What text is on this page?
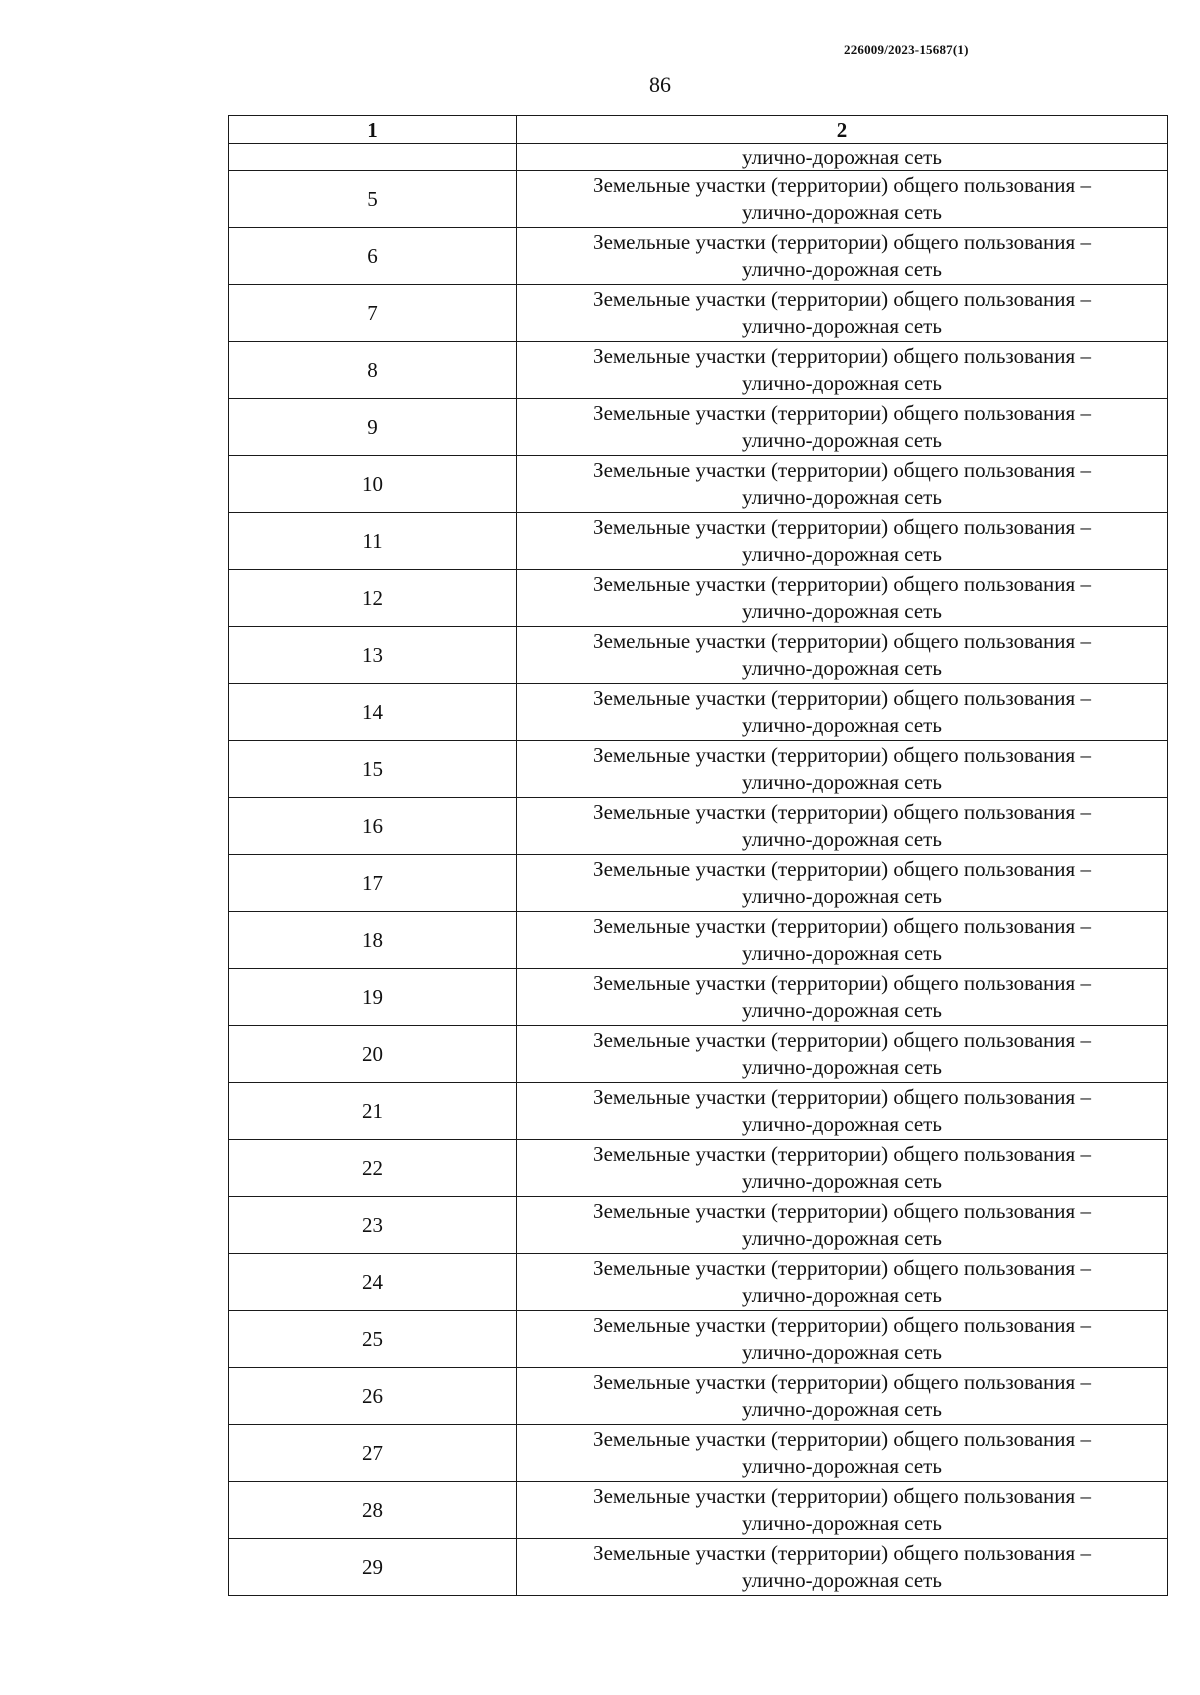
226009/2023-15687(1)
86
1	2
	улично-дорожная сеть
5	Земельные участки (территории) общего пользования –
улично-дорожная сеть

6	Земельные участки (территории) общего пользования –
улично-дорожная сеть

7	Земельные участки (территории) общего пользования –
улично-дорожная сеть

8	Земельные участки (территории) общего пользования –
улично-дорожная сеть

9	Земельные участки (территории) общего пользования –
улично-дорожная сеть

10	Земельные участки (территории) общего пользования –
улично-дорожная сеть

11	Земельные участки (территории) общего пользования –
улично-дорожная сеть

12	Земельные участки (территории) общего пользования –
улично-дорожная сеть

13	Земельные участки (территории) общего пользования –
улично-дорожная сеть

14	Земельные участки (территории) общего пользования –
улично-дорожная сеть

15	Земельные участки (территории) общего пользования –
улично-дорожная сеть

16	Земельные участки (территории) общего пользования –
улично-дорожная сеть

17	Земельные участки (территории) общего пользования –
улично-дорожная сеть

18	Земельные участки (территории) общего пользования –
улично-дорожная сеть

19	Земельные участки (территории) общего пользования –
улично-дорожная сеть

20	Земельные участки (территории) общего пользования –
улично-дорожная сеть

21	Земельные участки (территории) общего пользования –
улично-дорожная сеть

22	Земельные участки (территории) общего пользования –
улично-дорожная сеть

23	Земельные участки (территории) общего пользования –
улично-дорожная сеть

24	Земельные участки (территории) общего пользования –
улично-дорожная сеть

25	Земельные участки (территории) общего пользования –
улично-дорожная сеть

26	Земельные участки (территории) общего пользования –
улично-дорожная сеть

27	Земельные участки (территории) общего пользования –
улично-дорожная сеть

28	Земельные участки (территории) общего пользования –
улично-дорожная сеть

29	Земельные участки (территории) общего пользования –
улично-дорожная сеть
